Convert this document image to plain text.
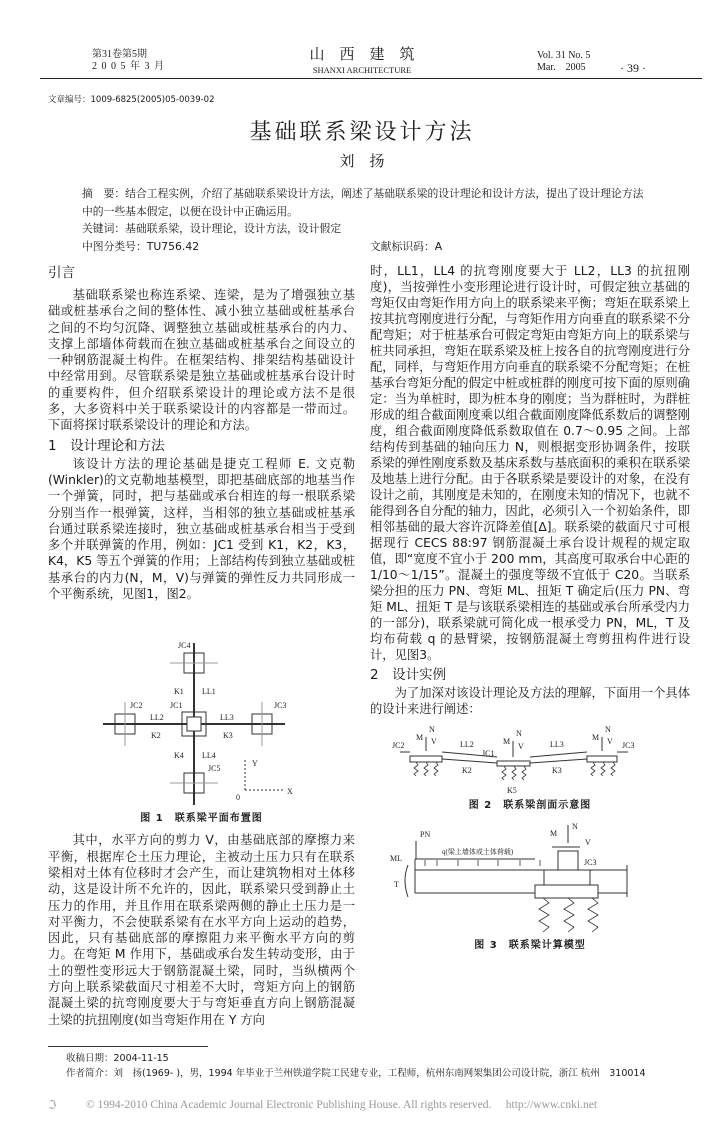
第31卷第5期
2 0 0 5 年 3 月
山　西　建　筑
SHANXI ARCHITECTURE
Vol. 31 No. 5
Mar.　2005	· 39 ·
文章编号：1009-6825(2005)05-0039-02
基础联系梁设计方法
刘　扬
摘　要：结合工程实例，介绍了基础联系梁设计方法，阐述了基础联系梁的设计理论和设计方法，提出了设计理论方法中的一些基本假定，以便在设计中正确运用。
关键词：基础联系梁，设计理论，设计方法，设计假定
中图分类号：TU756.42	文献标识码：A
引言

基础联系梁也称连系梁、连梁，是为了增强独立基础或桩基承台之间的整体性、减小独立基础或桩基承台之间的不均匀沉降、调整独立基础或桩基承台的内力、支撑上部墙体荷载而在独立基础或桩基承台之间设立的一种钢筋混凝土构件。在框架结构、排架结构基础设计中经常用到。尽管联系梁是独立基础或桩基承台设计时的重要构件，但介绍联系梁设计的理论或方法不是很多，大多资料中关于联系梁设计的内容都是一带而过。下面将探讨联系梁设计的理论和方法。

1　设计理论和方法

该设计方法的理论基础是捷克工程师 E. 文克勒(Winkler)的文克勒地基模型，即把基础底部的地基当作一个弹簧，同时，把与基础或承台相连的每一根联系梁分别当作一根弹簧，这样，当相邻的独立基础或桩基承台通过联系梁连接时，独立基础或桩基承台相当于受到多个并联弹簧的作用，例如：JC1 受到 K1，K2，K3，K4，K5 等五个弹簧的作用；上部结构传到独立基础或桩基承台的内力(N，M，V)与弹簧的弹性反力共同形成一个平衡系统，见图1，图2。

JC4
K1 LL1
JC2
LL2
JC1
LL3
JC3
K2	K3
K4 LL4
JC5
Y
X
0
图 1　联系梁平面布置图

其中，水平方向的剪力 V，由基础底部的摩擦力来平衡，根据库仑土压力理论，主被动土压力只有在联系梁相对土体有位移时才会产生，而让建筑物相对土体移动，这是设计所不允许的，因此，联系梁只受到静止土压力的作用，并且作用在联系梁两侧的静止土压力是一对平衡力，不会使联系梁有在水平方向上运动的趋势，因此，只有基础底部的摩擦阻力来平衡水平方向的剪力。在弯矩 M 作用下，基础或承台发生转动变形，由于土的塑性变形远大于钢筋混凝土梁，同时，当纵横两个方向上联系梁截面尺寸相差不大时，弯矩方向上的钢筋混凝土梁的抗弯刚度要大于与弯矩垂直方向上钢筋混凝土梁的抗扭刚度(如当弯矩作用在 Y 方向

时，LL1，LL4 的抗弯刚度要大于 LL2，LL3 的抗扭刚度)，当按弹性小变形理论进行设计时，可假定独立基础的弯矩仅由弯矩作用方向上的联系梁来平衡；弯矩在联系梁上按其抗弯刚度进行分配，与弯矩作用方向垂直的联系梁不分配弯矩；对于桩基承台可假定弯矩由弯矩方向上的联系梁与桩共同承担，弯矩在联系梁及桩上按各自的抗弯刚度进行分配，同样，与弯矩作用方向垂直的联系梁不分配弯矩；在桩基承台弯矩分配的假定中桩或桩群的刚度可按下面的原则确定：当为单桩时，即为桩本身的刚度；当为群桩时，为群桩形成的组合截面刚度乘以组合截面刚度降低系数后的调整刚度，组合截面刚度降低系数取值在 0.7～0.95 之间。上部结构传到基础的轴向压力 N，则根据变形协调条件，按联系梁的弹性刚度系数及基床系数与基底面积的乘积在联系梁及地基上进行分配。由于各联系梁是要设计的对象，在没有设计之前，其刚度是未知的，在刚度未知的情况下，也就不能得到各自分配的轴力，因此，必须引入一个初始条件，即相邻基础的最大容许沉降差值[Δ]。联系梁的截面尺寸可根据现行 CECS 88:97 钢筋混凝土承台设计规程的规定取值，即“宽度不宜小于 200 mm，其高度可取承台中心距的 1/10～1/15”。混凝土的强度等级不宜低于 C20。当联系梁分担的压力 PN、弯矩 ML、扭矩 T 确定后(压力 PN、弯矩 ML、扭矩 T 是与该联系梁相连的基础或承台所承受内力的一部分)，联系梁就可简化成一根承受力 PN，ML，T 及均布荷载 q 的悬臂梁，按钢筋混凝土弯剪扭构件进行设计，见图3。

2　设计实例

为了加深对该设计理论及方法的理解，下面用一个具体的设计来进行阐述：

M
N
V
JC2	LL2
K2
M
N
V
JC1
LL3
K3
M
N
V JC3
K5
图 2　联系梁剖面示意图
PN
q(梁上墙体或土体荷载)
ML
T
M
N
V
JC3
图 3　联系梁计算模型
收稿日期：2004-11-15
作者简介：刘　扬(1969- )，男，1994 年毕业于兰州铁道学院工民建专业，工程师，杭州东南网架集团公司设计院，浙江 杭州　310014
ℑ	© 1994-2010 China Academic Journal Electronic Publishing House. All rights reserved.　 http://www.cnki.net
